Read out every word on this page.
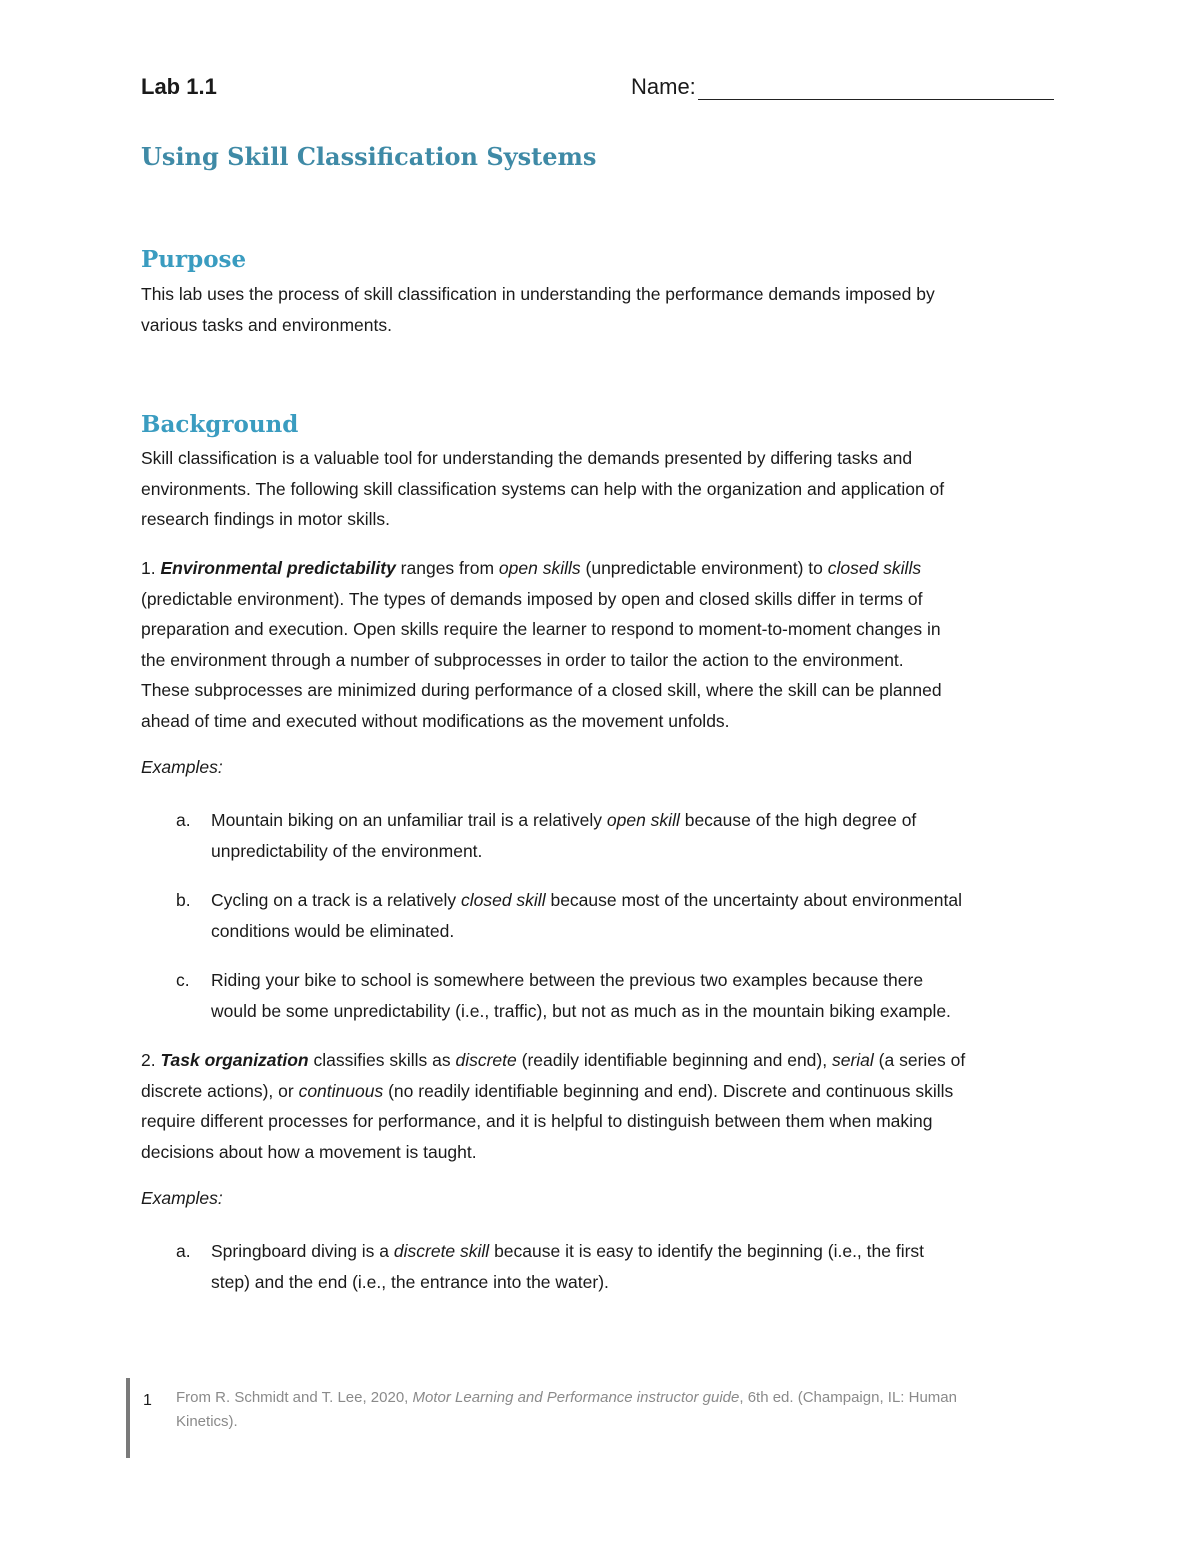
Lab 1.1	Name:
Using Skill Classification Systems
Purpose
This lab uses the process of skill classification in understanding the performance demands imposed by
various tasks and environments.
Background
Skill classification is a valuable tool for understanding the demands presented by differing tasks and
environments. The following skill classification systems can help with the organization and application of
research findings in motor skills.
1. Environmental predictability ranges from open skills (unpredictable environment) to closed skills
(predictable environment). The types of demands imposed by open and closed skills differ in terms of
preparation and execution. Open skills require the learner to respond to moment-to-moment changes in
the environment through a number of subprocesses in order to tailor the action to the environment.
These subprocesses are minimized during performance of a closed skill, where the skill can be planned
ahead of time and executed without modifications as the movement unfolds.
Examples:
a. Mountain biking on an unfamiliar trail is a relatively open skill because of the high degree of
unpredictability of the environment.
b. Cycling on a track is a relatively closed skill because most of the uncertainty about environmental
conditions would be eliminated.
c. Riding your bike to school is somewhere between the previous two examples because there
would be some unpredictability (i.e., traffic), but not as much as in the mountain biking example.
2. Task organization classifies skills as discrete (readily identifiable beginning and end), serial (a series of
discrete actions), or continuous (no readily identifiable beginning and end). Discrete and continuous skills
require different processes for performance, and it is helpful to distinguish between them when making
decisions about how a movement is taught.
Examples:
a. Springboard diving is a discrete skill because it is easy to identify the beginning (i.e., the first
step) and the end (i.e., the entrance into the water).
1 From R. Schmidt and T. Lee, 2020, Motor Learning and Performance instructor guide, 6th ed. (Champaign, IL: Human
Kinetics).
